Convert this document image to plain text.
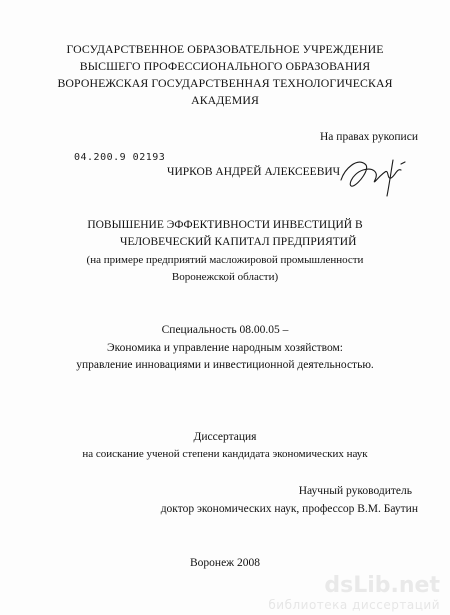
ГОСУДАРСТВЕННОЕ ОБРАЗОВАТЕЛЬНОЕ УЧРЕЖДЕНИЕ
ВЫСШЕГО ПРОФЕССИОНАЛЬНОГО ОБРАЗОВАНИЯ
ВОРОНЕЖСКАЯ ГОСУДАРСТВЕННАЯ ТЕХНОЛОГИЧЕСКАЯ
АКАДЕМИЯ
На правах рукописи
04.200.9 02193
ЧИРКОВ АНДРЕЙ АЛЕКСЕЕВИЧ
ПОВЫШЕНИЕ ЭФФЕКТИВНОСТИ ИНВЕСТИЦИЙ В
ЧЕЛОВЕЧЕСКИЙ КАПИТАЛ ПРЕДПРИЯТИЙ
(на примере предприятий масложировой промышленности
Воронежской области)
Специальность 08.00.05 –
Экономика и управление народным хозяйством:
управление инновациями и инвестиционной деятельностью.
Диссертация
на соискание ученой степени кандидата экономических наук
Научный руководитель
доктор экономических наук, профессор В.М. Баутин
Воронеж 2008
dsLib.net
библиотека диссертаций
